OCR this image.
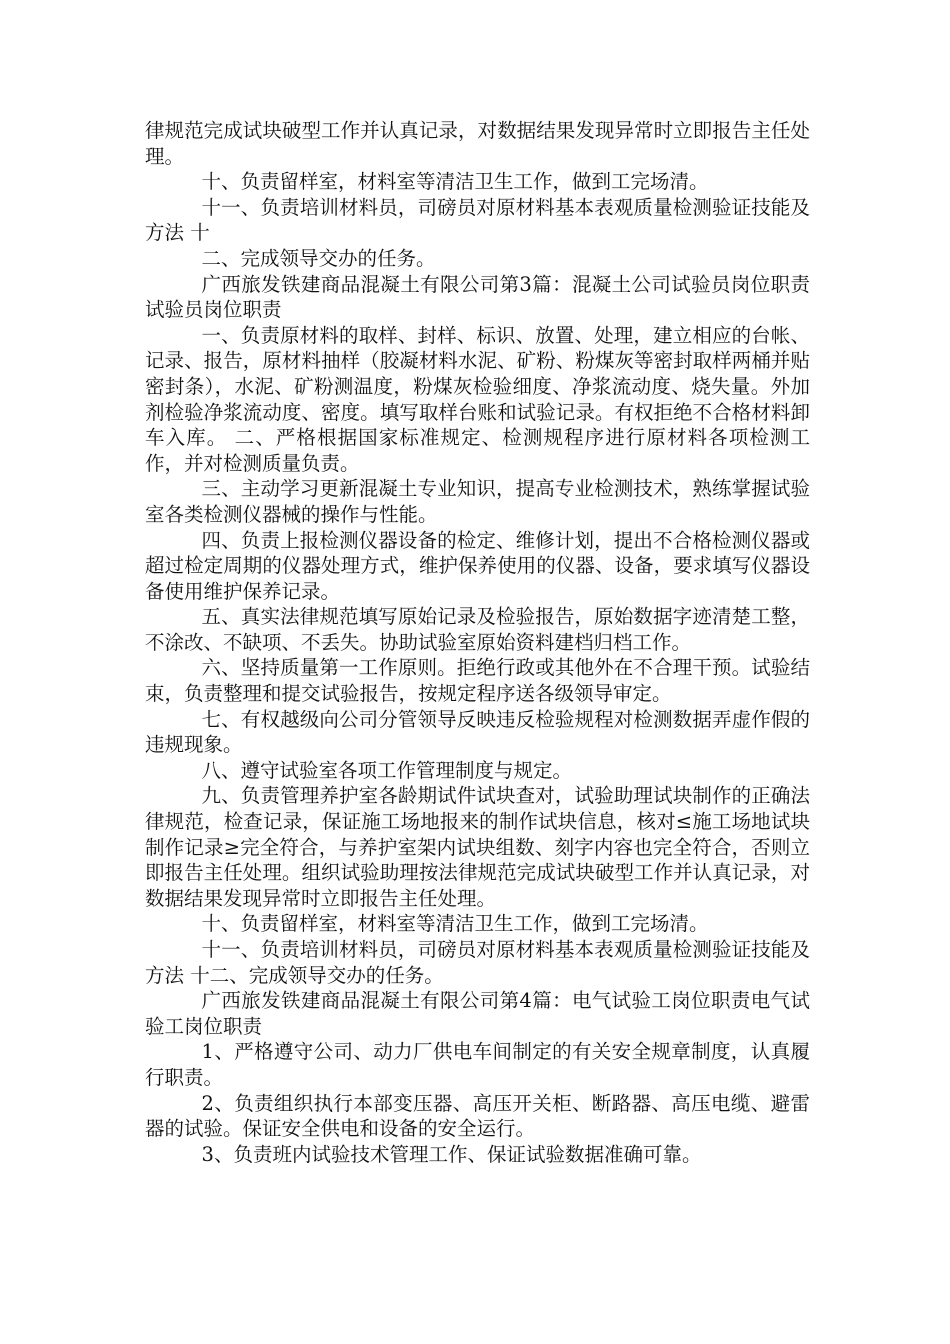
律规范完成试块破型工作并认真记录，对数据结果发现异常时立即报告主任处理。

十、负责留样室，材料室等清洁卫生工作，做到工完场清。

十一、负责培训材料员，司磅员对原材料基本表观质量检测验证技能及方法 十

二、完成领导交办的任务。

广西旅发铁建商品混凝土有限公司第3篇：混凝土公司试验员岗位职责试验员岗位职责

一、负责原材料的取样、封样、标识、放置、处理，建立相应的台帐、记录、报告，原材料抽样（胶凝材料水泥、矿粉、粉煤灰等密封取样两桶并贴密封条），水泥、矿粉测温度，粉煤灰检验细度、净浆流动度、烧失量。外加剂检验净浆流动度、密度。填写取样台账和试验记录。有权拒绝不合格材料卸车入库。 二、严格根据国家标准规定、检测规程序进行原材料各项检测工作，并对检测质量负责。

三、主动学习更新混凝土专业知识，提高专业检测技术，熟练掌握试验室各类检测仪器械的操作与性能。

四、负责上报检测仪器设备的检定、维修计划，提出不合格检测仪器或超过检定周期的仪器处理方式，维护保养使用的仪器、设备，要求填写仪器设备使用维护保养记录。

五、真实法律规范填写原始记录及检验报告，原始数据字迹清楚工整，不涂改、不缺项、不丢失。协助试验室原始资料建档归档工作。

六、坚持质量第一工作原则。拒绝行政或其他外在不合理干预。试验结束，负责整理和提交试验报告，按规定程序送各级领导审定。

七、有权越级向公司分管领导反映违反检验规程对检测数据弄虚作假的违规现象。

八、遵守试验室各项工作管理制度与规定。

九、负责管理养护室各龄期试件试块查对，试验助理试块制作的正确法律规范，检查记录，保证施工场地报来的制作试块信息，核对≤施工场地试块制作记录≥完全符合，与养护室架内试块组数、刻字内容也完全符合，否则立即报告主任处理。组织试验助理按法律规范完成试块破型工作并认真记录，对数据结果发现异常时立即报告主任处理。

十、负责留样室，材料室等清洁卫生工作，做到工完场清。

十一、负责培训材料员，司磅员对原材料基本表观质量检测验证技能及方法 十二、完成领导交办的任务。

广西旅发铁建商品混凝土有限公司第4篇：电气试验工岗位职责电气试验工岗位职责

1、严格遵守公司、动力厂供电车间制定的有关安全规章制度，认真履行职责。

2、负责组织执行本部变压器、高压开关柜、断路器、高压电缆、避雷器的试验。保证安全供电和设备的安全运行。

3、负责班内试验技术管理工作、保证试验数据准确可靠。
